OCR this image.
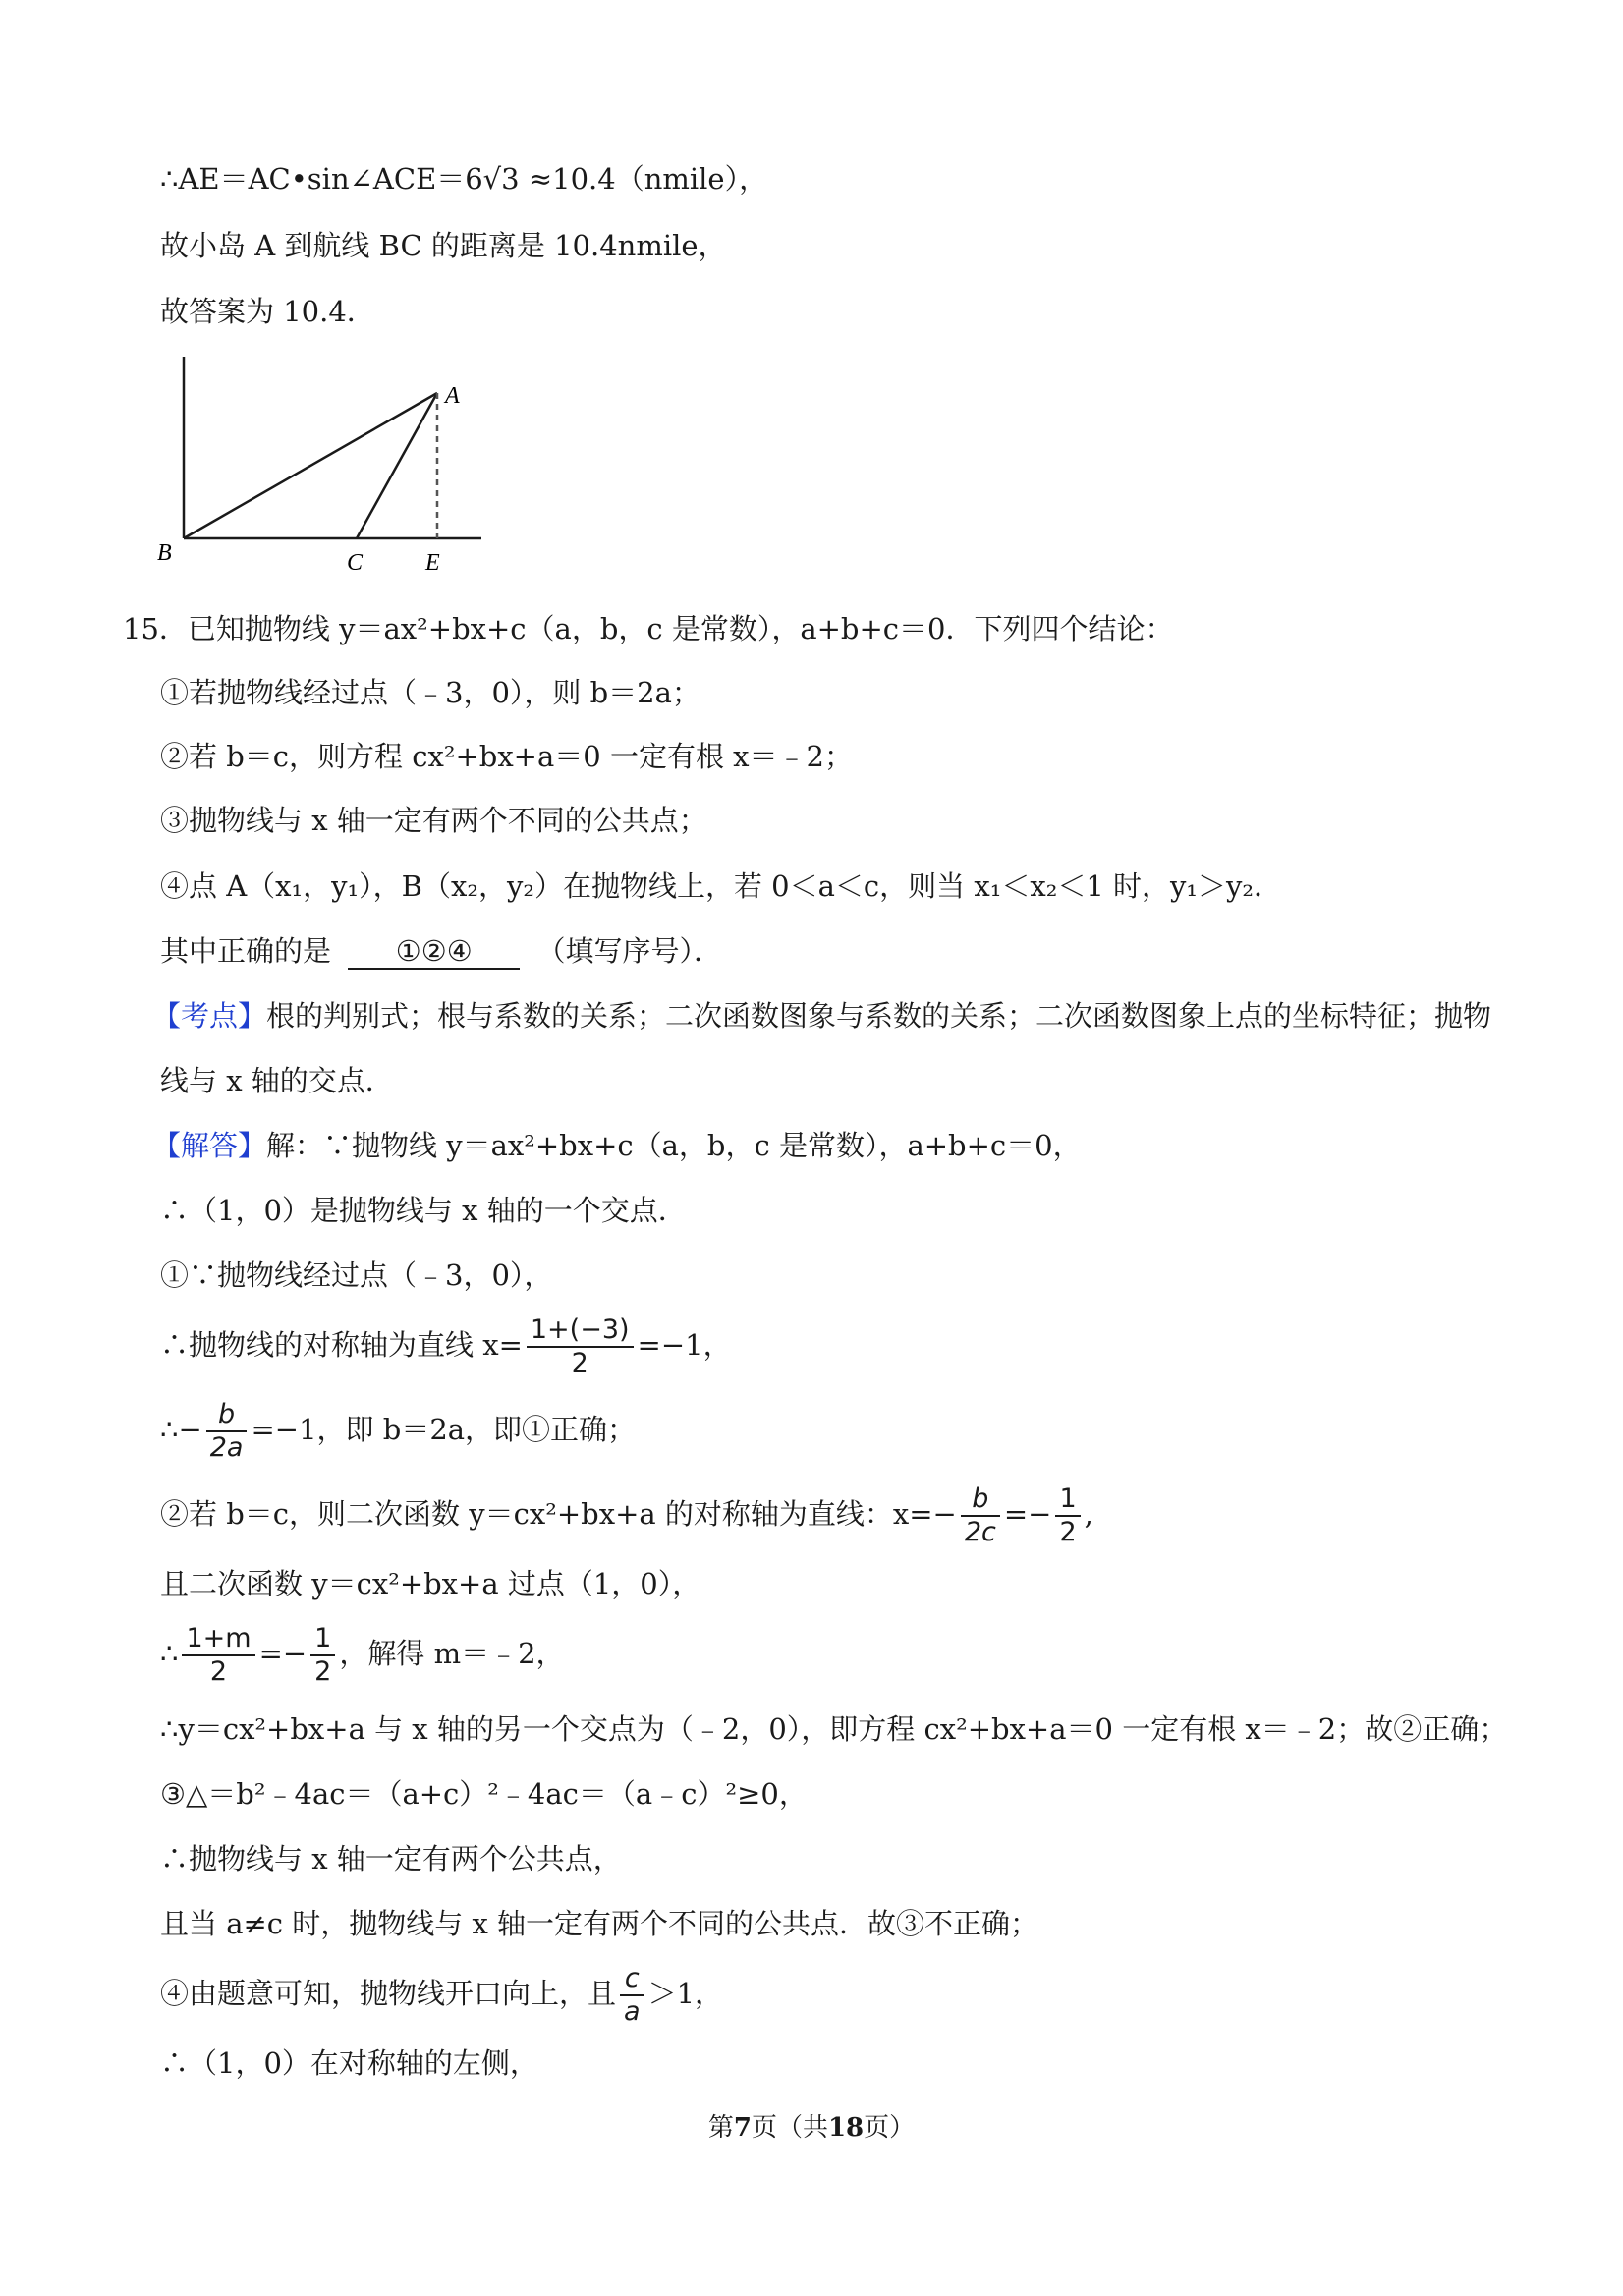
∴AE＝AC•sin∠ACE＝6√3 ≈10.4（nmile），
故小岛 A 到航线 BC 的距离是 10.4nmile，
故答案为 10.4．
A
B	C	E
15．已知抛物线 y＝ax²+bx+c（a，b，c 是常数），a+b+c＝0．下列四个结论：
①若抛物线经过点（﹣3，0），则 b＝2a；
②若 b＝c，则方程 cx²+bx+a＝0 一定有根 x＝﹣2；
③抛物线与 x 轴一定有两个不同的公共点；
④点 A（x₁，y₁），B（x₂，y₂）在抛物线上，若 0＜a＜c，则当 x₁＜x₂＜1 时，y₁＞y₂．
其中正确的是 ①②④ （填写序号）．
【考点】根的判别式；根与系数的关系；二次函数图象与系数的关系；二次函数图象上点的坐标特征；抛物
线与 x 轴的交点．
【解答】解：∵抛物线 y＝ax²+bx+c（a，b，c 是常数），a+b+c＝0，
∴（1，0）是抛物线与 x 轴的一个交点．
①∵抛物线经过点（﹣3，0），
∴抛物线的对称轴为直线 $x= \frac{1+(-3)}{2} =-1$，
∴− $\frac{b}{2a} =-1$，即 b＝2a，即①正确；
②若 b＝c，则二次函数 y＝cx²+bx+a 的对称轴为直线：$x=- \frac{b}{2c} =- \frac{1}{2}$ ,
且二次函数 y＝cx²+bx+a 过点（1，0），
∴ $\frac{1+m}{2} =- \frac{1}{2}$ ，解得 m＝﹣2，
∴y＝cx²+bx+a 与 x 轴的另一个交点为（﹣2，0），即方程 cx²+bx+a＝0 一定有根 x＝﹣2；故②正确；
③△＝b²﹣4ac＝（a+c）²﹣4ac＝（a﹣c）²≥0，
∴抛物线与 x 轴一定有两个公共点，
且当 a≠c 时，抛物线与 x 轴一定有两个不同的公共点．故③不正确；
④由题意可知，抛物线开口向上，且 $\frac{c}{a} >1$，
∴（1，0）在对称轴的左侧，
第7页（共18页）
